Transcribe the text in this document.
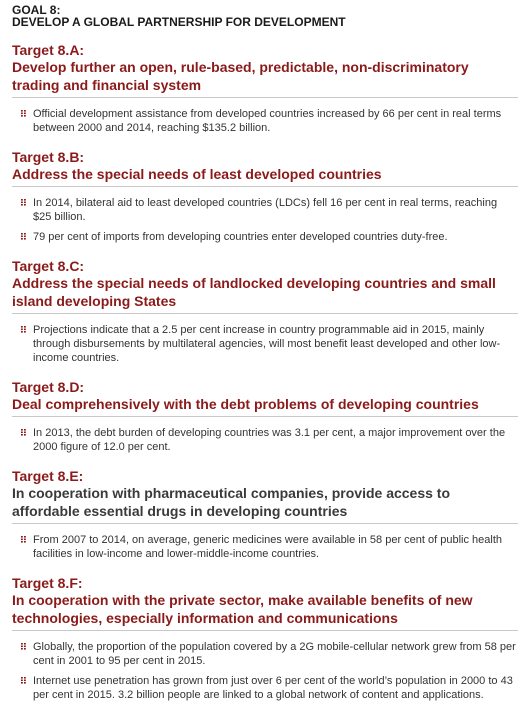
GOAL 8:
DEVELOP A GLOBAL PARTNERSHIP FOR DEVELOPMENT
Target 8.A:
Develop further an open, rule-based, predictable, non-discriminatory trading and financial system
Official development assistance from developed countries increased by 66 per cent in real terms between 2000 and 2014, reaching $135.2 billion.
Target 8.B:
Address the special needs of least developed countries
In 2014, bilateral aid to least developed countries (LDCs) fell 16 per cent in real terms, reaching $25 billion.
79 per cent of imports from developing countries enter developed countries duty-free.
Target 8.C:
Address the special needs of landlocked developing countries and small island developing States
Projections indicate that a 2.5 per cent increase in country programmable aid in 2015, mainly through disbursements by multilateral agencies, will most benefit least developed and other low-income countries.
Target 8.D:
Deal comprehensively with the debt problems of developing countries
In 2013, the debt burden of developing countries was 3.1 per cent, a major improvement over the 2000 figure of 12.0 per cent.
Target 8.E:
In cooperation with pharmaceutical companies, provide access to affordable essential drugs in developing countries
From 2007 to 2014, on average, generic medicines were available in 58 per cent of public health facilities in low-income and lower-middle-income countries.
Target 8.F:
In cooperation with the private sector, make available benefits of new technologies, especially information and communications
Globally, the proportion of the population covered by a 2G mobile-cellular network grew from 58 per cent in 2001 to 95 per cent in 2015.
Internet use penetration has grown from just over 6 per cent of the world’s population in 2000 to 43 per cent in 2015. 3.2 billion people are linked to a global network of content and applications.
